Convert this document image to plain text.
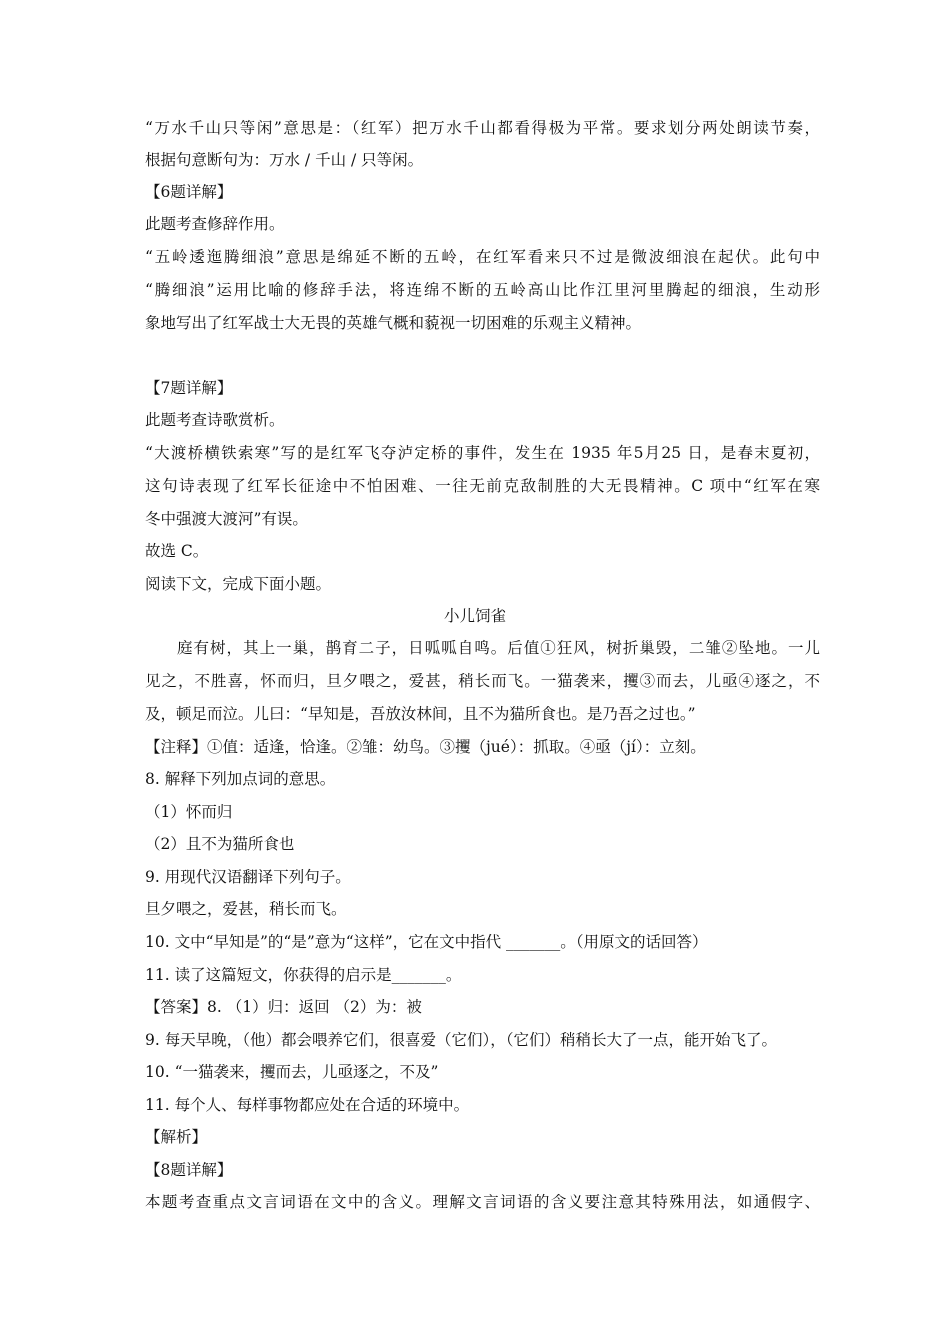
“万水千山只等闲”意思是：（红军）把万水千山都看得极为平常。要求划分两处朗读节奏，
根据句意断句为：万水 / 千山 / 只等闲。
【6题详解】
此题考查修辞作用。
“五岭逶迤腾细浪”意思是绵延不断的五岭，在红军看来只不过是微波细浪在起伏。此句中
“腾细浪”运用比喻的修辞手法，将连绵不断的五岭高山比作江里河里腾起的细浪，生动形
象地写出了红军战士大无畏的英雄气概和藐视一切困难的乐观主义精神。
【7题详解】
此题考查诗歌赏析。
“大渡桥横铁索寒”写的是红军飞夺泸定桥的事件，发生在 1935 年5月25 日，是春末夏初，
这句诗表现了红军长征途中不怕困难、一往无前克敌制胜的大无畏精神。C 项中“红军在寒
冬中强渡大渡河”有误。
故选 C。
阅读下文，完成下面小题。
小儿饲雀
庭有树，其上一巢，鹊育二子，日呱呱自鸣。后值①狂风，树折巢毁，二雏②坠地。一儿
见之，不胜喜，怀而归，旦夕喂之，爱甚，稍长而飞。一猫袭来，攫③而去，儿亟④逐之，不
及，顿足而泣。儿曰：“早知是，吾放汝林间，且不为猫所食也。是乃吾之过也。”
【注释】①值：适逢，恰逢。②雏：幼鸟。③攫（jué）：抓取。④亟（jí）：立刻。
8. 解释下列加点词的意思。
（1）怀而归
（2）且不为猫所食也
9. 用现代汉语翻译下列句子。
旦夕喂之，爱甚，稍长而飞。
10. 文中“早知是”的“是”意为“这样”，它在文中指代 _______。（用原文的话回答）
11. 读了这篇短文，你获得的启示是_______。
【答案】8. （1）归：返回 （2）为：被
9. 每天早晚，（他）都会喂养它们，很喜爱（它们），（它们）稍稍长大了一点，能开始飞了。
10. “一猫袭来，攫而去，儿亟逐之，不及”
11. 每个人、每样事物都应处在合适的环境中。
【解析】
【8题详解】
本题考查重点文言词语在文中的含义。理解文言词语的含义要注意其特殊用法，如通假字、
